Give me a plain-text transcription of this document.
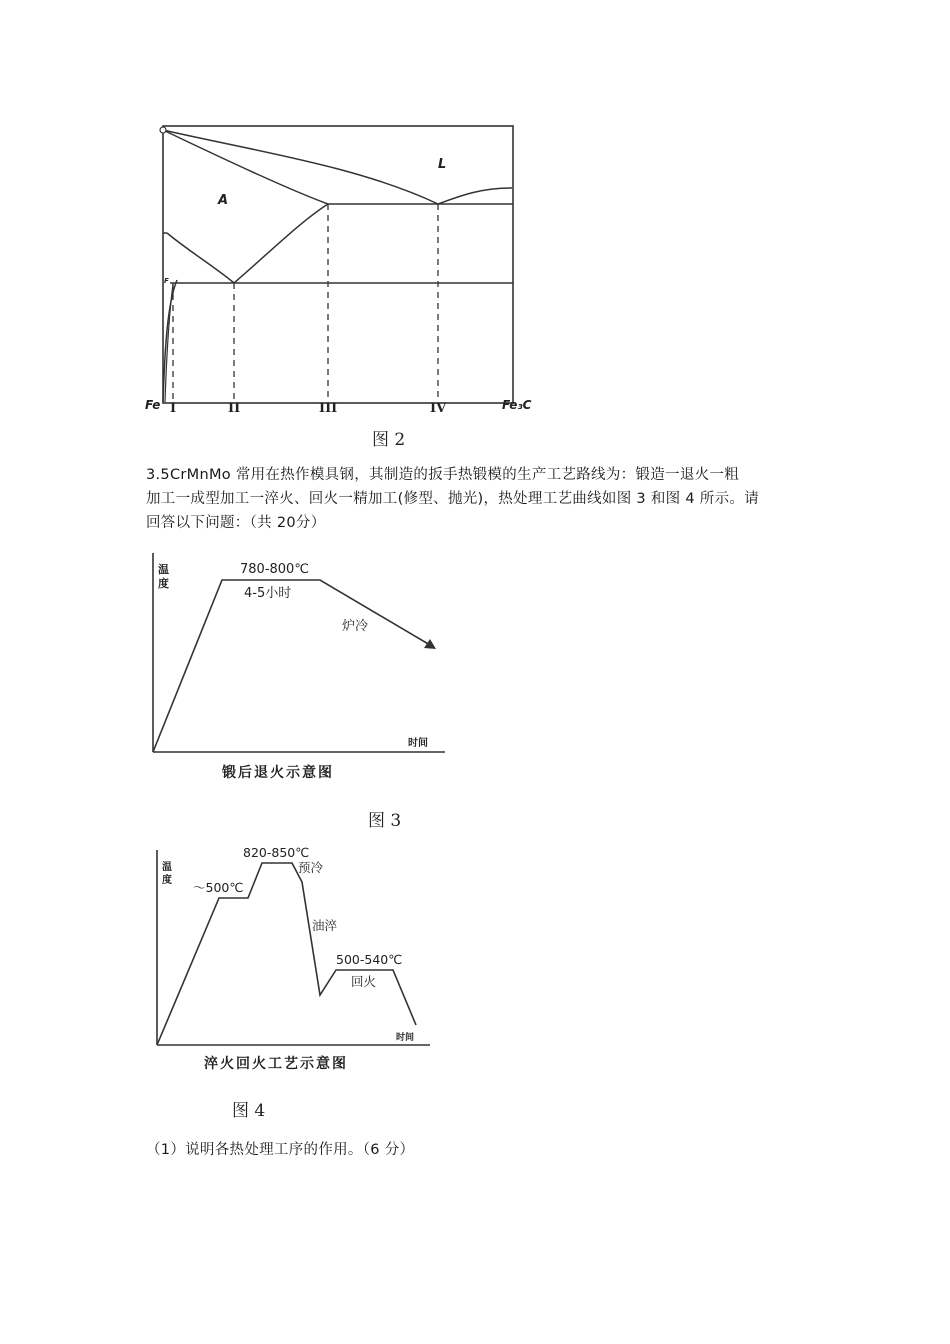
L
A
F
Fe	Fe₃C
I	II	III	IV
图 2
3.5CrMnMo 常用在热作模具钢，其制造的扳手热锻模的生产工艺路线为：锻造一退火一粗
加工一成型加工一淬火、回火一精加工(修型、抛光)，热处理工艺曲线如图 3 和图 4 所示。请
回答以下问题：（共 20分）
温
度
780-800℃
4-5小时
炉冷
时间
锻后退火示意图
图 3
温
度 ～500℃
820-850℃
预冷
油淬
500-540℃
回火
时间
淬火回火工艺示意图
图 4
（1）说明各热处理工序的作用。（6 分）
